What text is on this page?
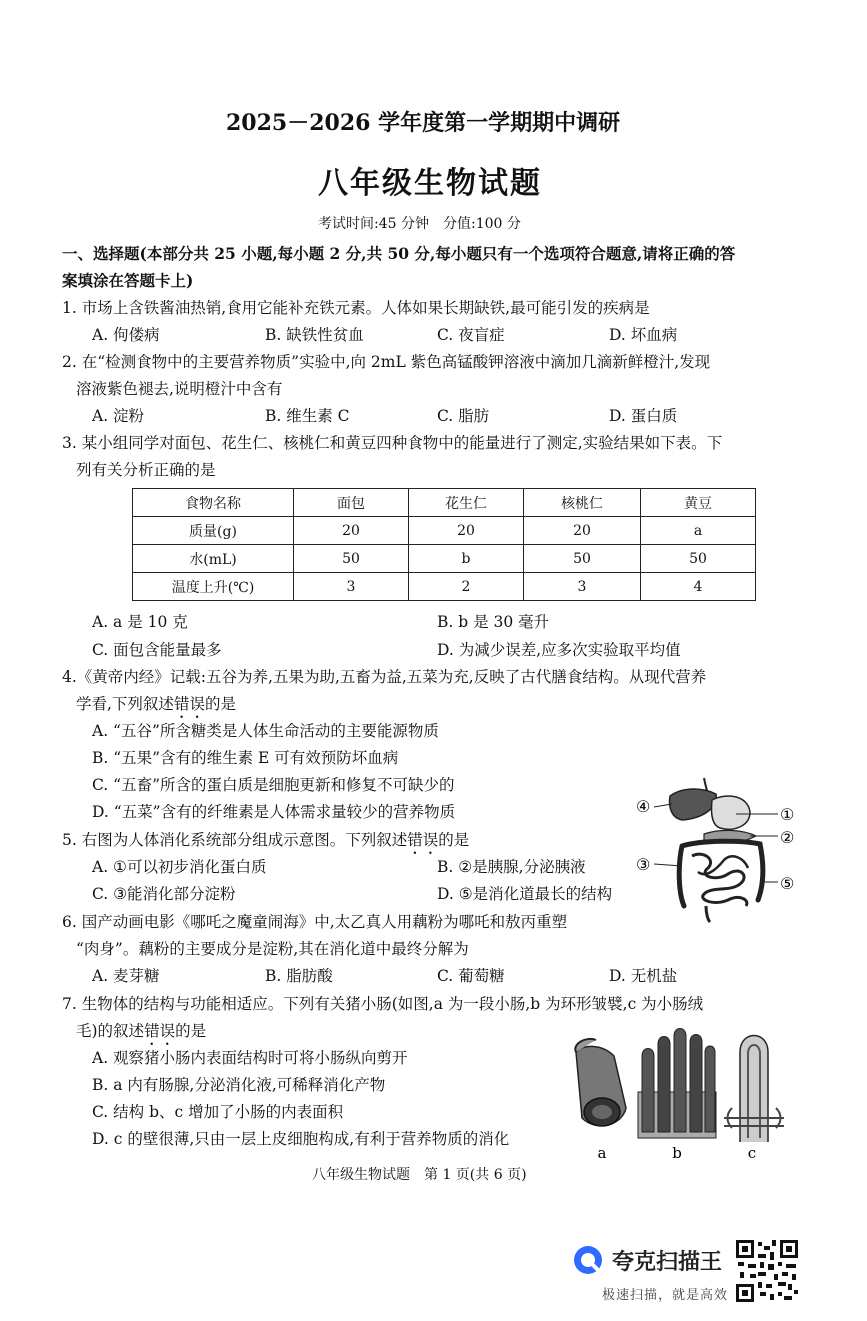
2025－2026 学年度第一学期期中调研
八年级生物试题
考试时间:45 分钟　分值:100 分
一、选择题(本部分共 25 小题,每小题 2 分,共 50 分,每小题只有一个选项符合题意,请将正确的答
案填涂在答题卡上)
1. 市场上含铁酱油热销,食用它能补充铁元素。人体如果长期缺铁,最可能引发的疾病是
A. 佝偻病	B. 缺铁性贫血	C. 夜盲症	D. 坏血病
2. 在“检测食物中的主要营养物质”实验中,向 2mL 紫色高锰酸钾溶液中滴加几滴新鲜橙汁,发现
溶液紫色褪去,说明橙汁中含有
A. 淀粉	B. 维生素 C	C. 脂肪	D. 蛋白质
3. 某小组同学对面包、花生仁、核桃仁和黄豆四种食物中的能量进行了测定,实验结果如下表。下
列有关分析正确的是
食物名称	面包	花生仁	核桃仁	黄豆
质量(g)	20	20	20	a
水(mL)	50	b	50	50
温度上升(℃)	3	2	3	4
A. a 是 10 克	B. b 是 30 毫升
C. 面包含能量最多	D. 为减少误差,应多次实验取平均值
4.《黄帝内经》记载:五谷为养,五果为助,五畜为益,五菜为充,反映了古代膳食结构。从现代营养
学看,下列叙述错误的是
A. “五谷”所含糖类是人体生命活动的主要能源物质
B. “五果”含有的维生素 E 可有效预防坏血病
C. “五畜”所含的蛋白质是细胞更新和修复不可缺少的
D. “五菜”含有的纤维素是人体需求量较少的营养物质
5. 右图为人体消化系统部分组成示意图。下列叙述错误的是
A. ①可以初步消化蛋白质	B. ②是胰腺,分泌胰液
C. ③能消化部分淀粉	D. ⑤是消化道最长的结构
④	①
②
③
⑤
6. 国产动画电影《哪吒之魔童闹海》中,太乙真人用藕粉为哪吒和敖丙重塑
“肉身”。藕粉的主要成分是淀粉,其在消化道中最终分解为
A. 麦芽糖	B. 脂肪酸	C. 葡萄糖	D. 无机盐
7. 生物体的结构与功能相适应。下列有关猪小肠(如图,a 为一段小肠,b 为环形皱襞,c 为小肠绒
毛)的叙述错误的是
A. 观察猪小肠内表面结构时可将小肠纵向剪开
B. a 内有肠腺,分泌消化液,可稀释消化产物
C. 结构 b、c 增加了小肠的内表面积
D. c 的壁很薄,只由一层上皮细胞构成,有利于营养物质的消化
a	b	c
八年级生物试题　第 1 页(共 6 页)
夸克扫描王
极速扫描，就是高效
